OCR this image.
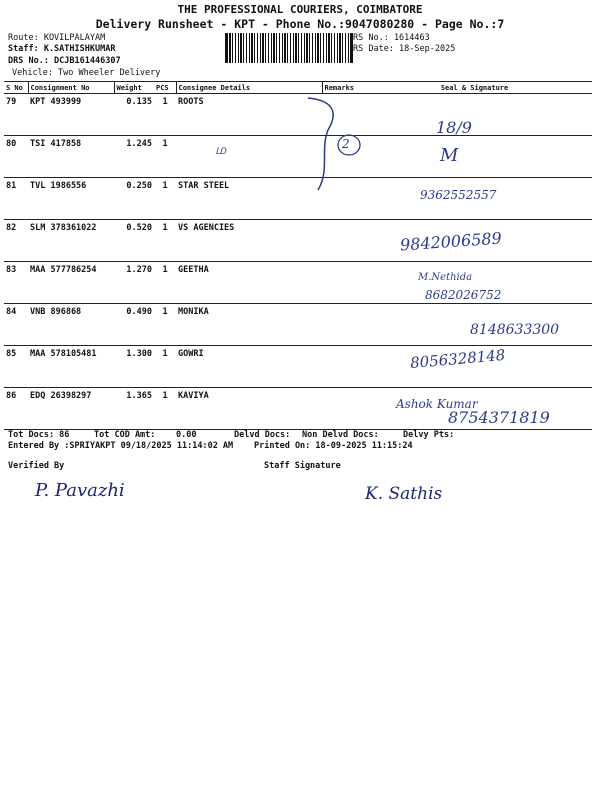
THE PROFESSIONAL COURIERS, COIMBATORE
Delivery Runsheet - KPT - Phone No.:9047080280 - Page No.:7
Route: KOVILPALAYAM
Staff: K.SATHISHKUMAR
DRS No.: DCJB161446307
Vehicle: Two Wheeler Delivery
RS No.: 1614463
RS Date: 18-Sep-2025
S No	Consignment No	Weight	PCS	Consignee Details	Remarks	Seal & Signature
79	KPT 493999	0.135	1	ROOTS		
80	TSI 417858	1.245	1			
81	TVL 1986556	0.250	1	STAR STEEL		
82	SLM 378361022	0.520	1	VS AGENCIES		
83	MAA 577786254	1.270	1	GEETHA		
84	VNB 896868	0.490	1	MONIKA		
85	MAA 578105481	1.300	1	GOWRI		
86	EDQ 26398297	1.365	1	KAVIYA		
2
18/9
ம	M
9362552557
9842006589
M.Nethida
8682026752
8148633300
8056328148
Ashok Kumar
8754371819
Tot Docs: 86	Tot COD Amt: 0.00	Delvd Docs: Non Delvd Docs:	Delvy Pts:
Entered By :SPRIYAKPT 09/18/2025 11:14:02 AM Printed On: 18-09-2025 11:15:24
Verified By	Staff Signature
P. Pavazhi	K. Sathis
